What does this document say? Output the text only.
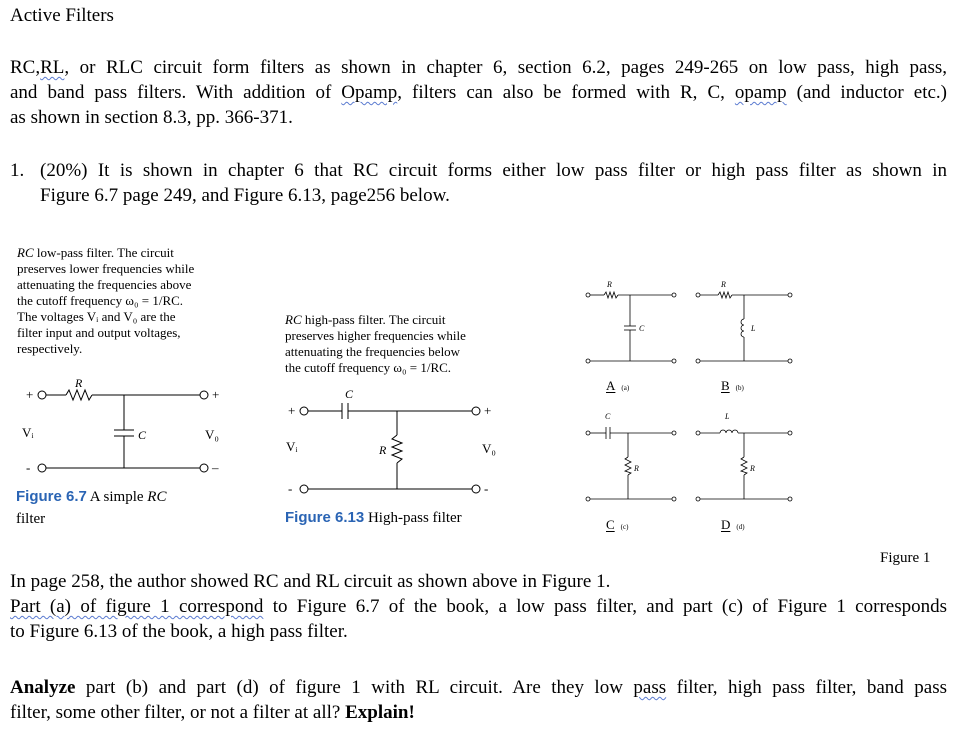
Active Filters
RC,RL, or RLC circuit form filters as shown in chapter 6, section 6.2, pages 249-265 on low pass, high pass,
and band pass filters. With addition of Opamp, filters can also be formed with R, C, opamp (and inductor etc.)
as shown in section 8.3, pp. 366-371.
1. (20%) It is shown in chapter 6 that RC circuit forms either low pass filter or high pass filter as shown in
Figure 6.7 page 249, and Figure 6.13, page256 below.
RC low-pass filter. The circuit
preserves lower frequencies while
attenuating the frequencies above
the cutoff frequency ω₀ = 1/RC.
The voltages Vᵢ and V₀ are the
filter input and output voltages,
respectively.
+
R
+
C
Vᵢ	V₀
-	–
Figure 6.7 A simple RC
filter
RC high-pass filter. The circuit
preserves higher frequencies while
attenuating the frequencies below
the cutoff frequency ω₀ = 1/RC.
+
C
+
R
Vᵢ	V₀
-	-
Figure 6.13 High-pass filter
R
C
R
L
C
R
L
R
A (a)	B (b)
C (c)	D (d)
Figure 1
In page 258, the author showed RC and RL circuit as shown above in Figure 1.
Part (a) of figure 1 correspond to Figure 6.7 of the book, a low pass filter, and part (c) of Figure 1 corresponds
to Figure 6.13 of the book, a high pass filter.
Analyze part (b) and part (d) of figure 1 with RL circuit. Are they low pass filter, high pass filter, band pass
filter, some other filter, or not a filter at all? Explain!
